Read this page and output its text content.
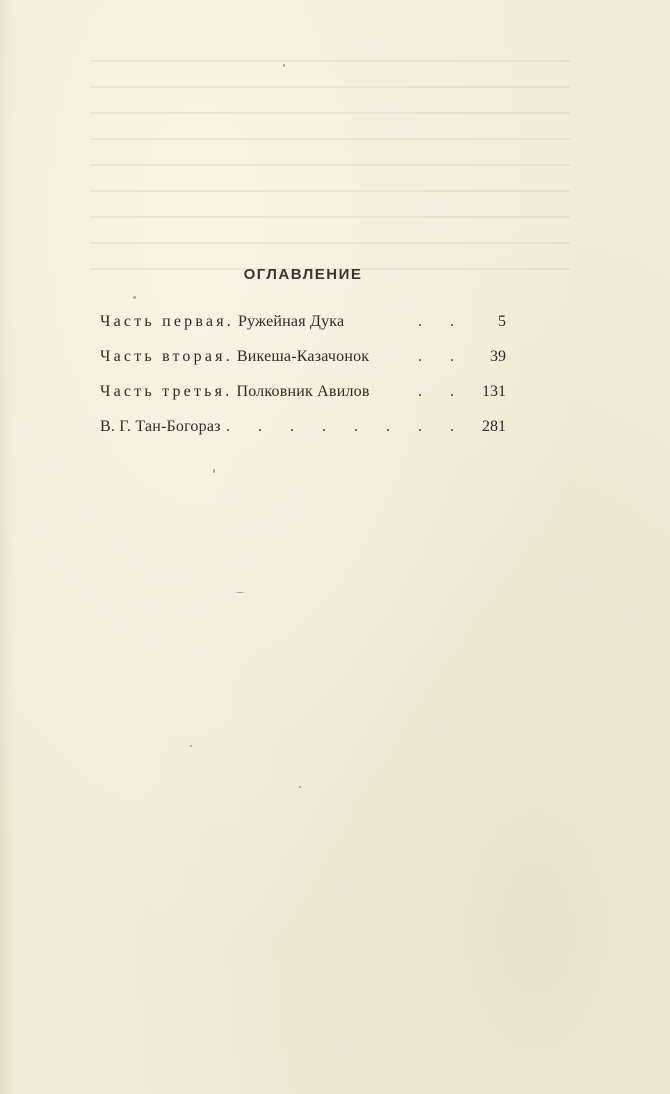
ОГЛАВЛЕНИЕ
Часть первая. Ружейная Дука	. .	5
Часть вторая. Викеша-Казачонок	. .	39
Часть третья. Полковник Авилов	. .	131
В. Г. Тан-Богораз . . . . . . . .	281
